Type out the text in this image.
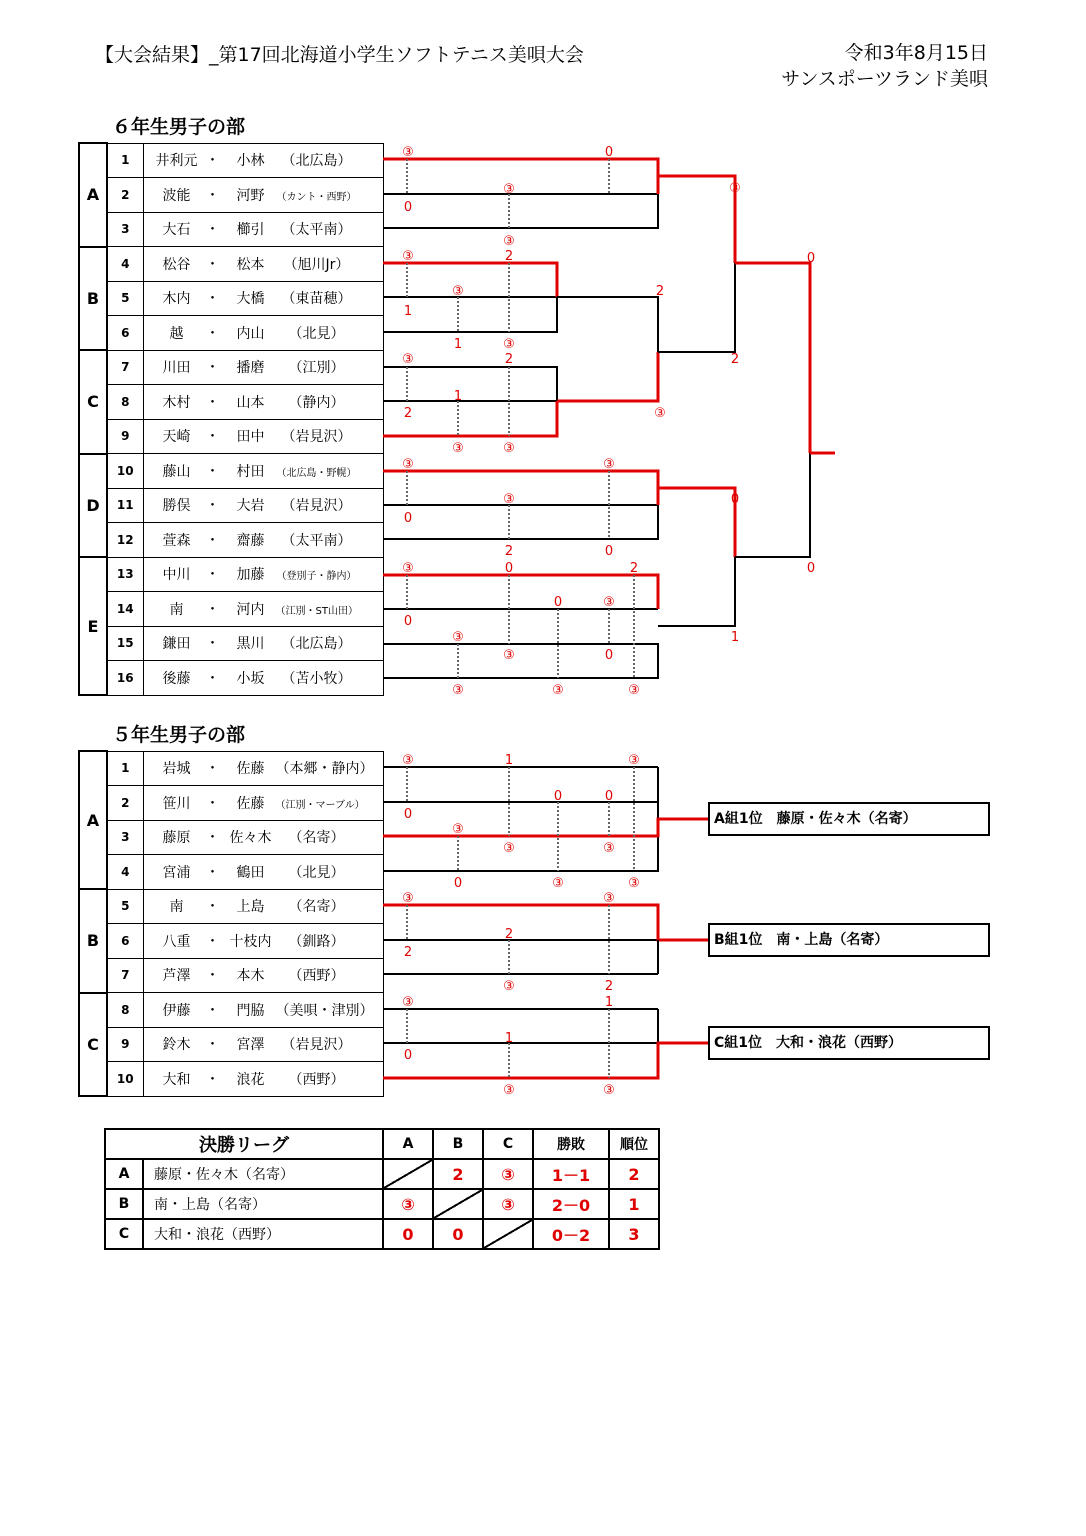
【大会結果】_第17回北海道小学生ソフトテニス美唄大会	令和3年8月15日
サンスポーツランド美唄
６年生男子の部
A	1	井利元 ・ 小林 （北広島）
	2	波能 ・ 河野 （カント・西野）
	3	大石 ・ 櫛引 （太平南）
B	4	松谷 ・ 松本 （旭川Jr）
	5	木内 ・ 大橋 （東苗穂）
	6	越 ・ 内山 （北見）
C	7	川田 ・ 播磨 （江別）
	8	木村 ・ 山本 （静内）
	9	天崎 ・ 田中 （岩見沢）
D	10	藤山 ・ 村田 （北広島・野幌）
	11	勝俣 ・ 大岩 （岩見沢）
	12	萱森 ・ 齋藤 （太平南）
E	13	中川 ・ 加藤 （登別子・静内）
	14	南 ・ 河内 （江別・ST山田）
	15	鎌田 ・ 黒川 （北広島）
	16	後藤 ・ 小坂 （苫小牧）
５年生男子の部
A	1	岩城 ・ 佐藤 （本郷・静内）
	2	笹川 ・ 佐藤 （江別・マーブル）
	3	藤原 ・ 佐々木 （名寄）
	4	宮浦 ・ 鶴田 （北見）
B	5	南 ・ 上島 （名寄）
	6	八重 ・ 十枝内 （釧路）
	7	芦澤 ・ 本木 （西野）
C	8	伊藤 ・ 門脇 （美唄・津別）
	9	鈴木 ・ 宮澤 （岩見沢）
	10	大和 ・ 浪花 （西野）
③
0
③
③
0
③
0
③
1
③
1
2
③
2
2
③
③
2
1
③
2
③
③
0
③
2
③
0
③
0
③
③
0
③
0
③
③
0
2
③
0
0
1
③
0
③
0
1
③
0
③
0
③
③
③
③
2
2
③
③
2
③
0
1
③
1
③
A組1位　藤原・佐々木（名寄）
B組1位　南・上島（名寄）
C組1位　大和・浪花（西野）
決勝リーグ		A	B	C	勝敗	順位
A	藤原・佐々木（名寄）		2	③	1－1	2
B	南・上島（名寄）	③		③	2－0	1
C	大和・浪花（西野）	0	0		0－2	3
